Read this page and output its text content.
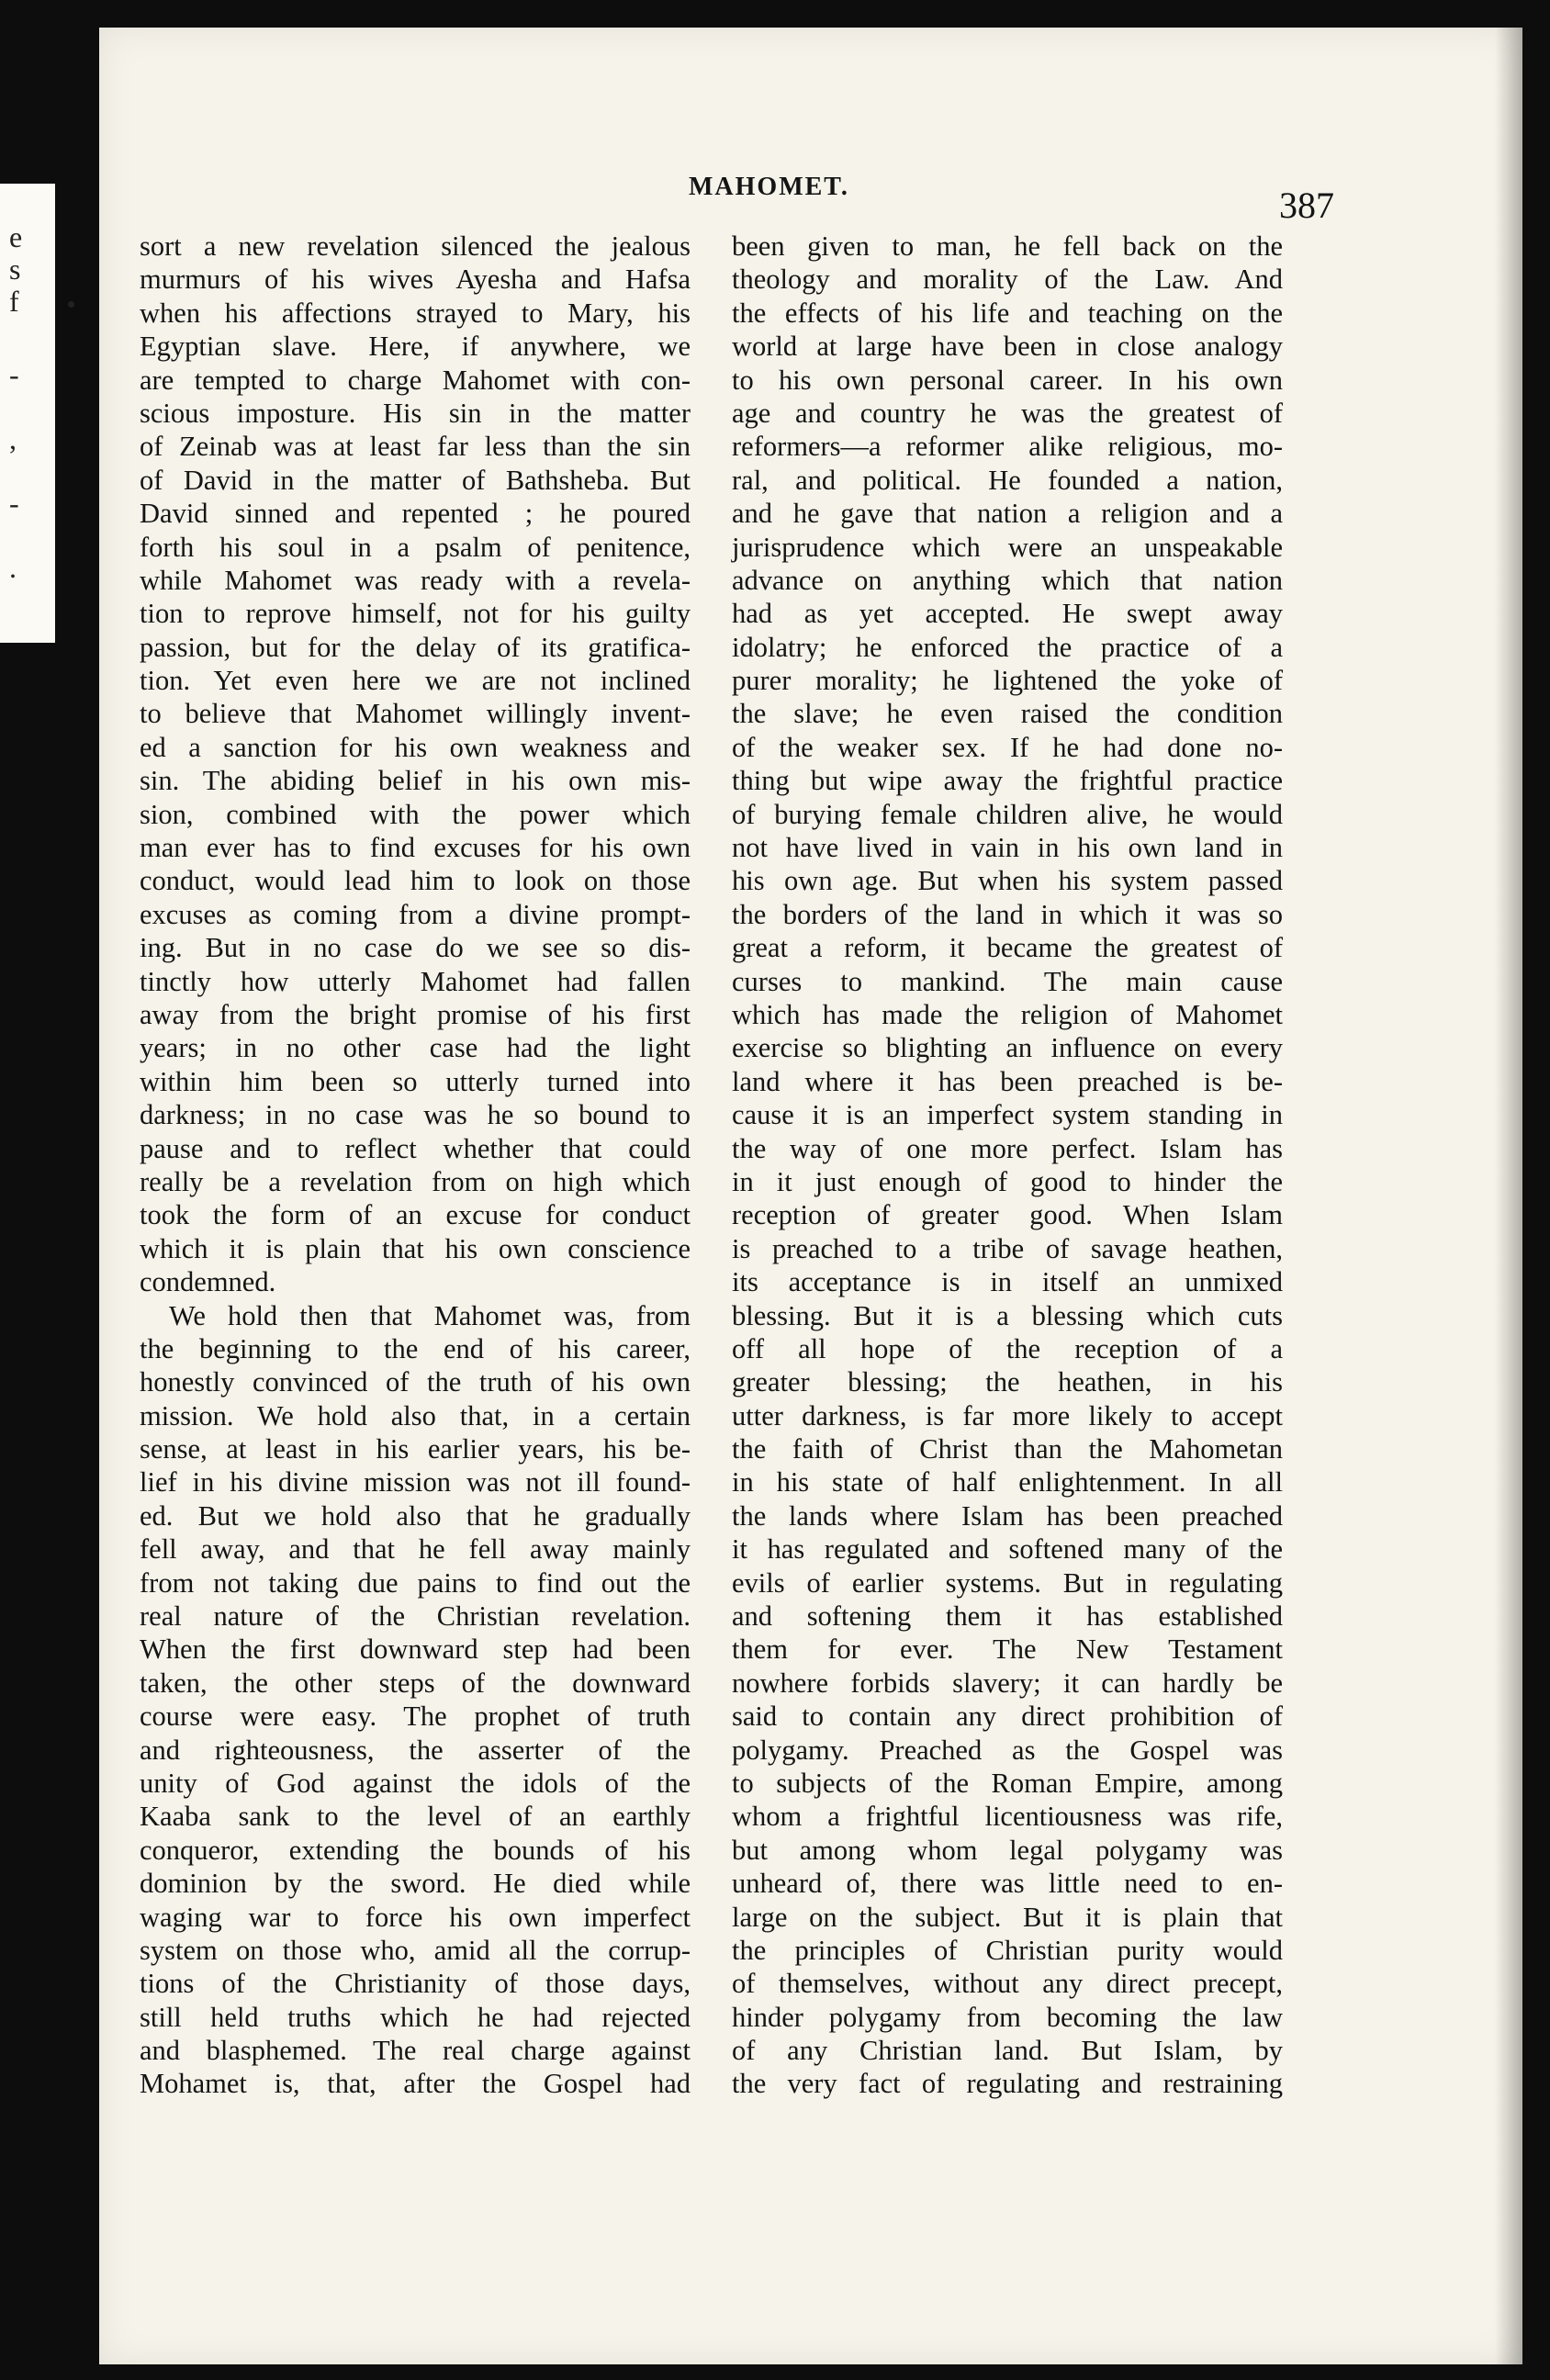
e
s
f
-
,
-
.
MAHOMET.	387
sort a new revelation silenced the jealous
murmurs of his wives Ayesha and Hafsa
when his affections strayed to Mary, his
Egyptian slave. Here, if anywhere, we
are tempted to charge Mahomet with con-
scious imposture. His sin in the matter
of Zeinab was at least far less than the sin
of David in the matter of Bathsheba. But
David sinned and repented ; he poured
forth his soul in a psalm of penitence,
while Mahomet was ready with a revela-
tion to reprove himself, not for his guilty
passion, but for the delay of its gratifica-
tion. Yet even here we are not inclined
to believe that Mahomet willingly invent-
ed a sanction for his own weakness and
sin. The abiding belief in his own mis-
sion, combined with the power which
man ever has to find excuses for his own
conduct, would lead him to look on those
excuses as coming from a divine prompt-
ing. But in no case do we see so dis-
tinctly how utterly Mahomet had fallen
away from the bright promise of his first
years; in no other case had the light
within him been so utterly turned into
darkness; in no case was he so bound to
pause and to reflect whether that could
really be a revelation from on high which
took the form of an excuse for conduct
which it is plain that his own conscience
condemned.
We hold then that Mahomet was, from
the beginning to the end of his career,
honestly convinced of the truth of his own
mission. We hold also that, in a certain
sense, at least in his earlier years, his be-
lief in his divine mission was not ill found-
ed. But we hold also that he gradually
fell away, and that he fell away mainly
from not taking due pains to find out the
real nature of the Christian revelation.
When the first downward step had been
taken, the other steps of the downward
course were easy. The prophet of truth
and righteousness, the asserter of the
unity of God against the idols of the
Kaaba sank to the level of an earthly
conqueror, extending the bounds of his
dominion by the sword. He died while
waging war to force his own imperfect
system on those who, amid all the corrup-
tions of the Christianity of those days,
still held truths which he had rejected
and blasphemed. The real charge against
Mohamet is, that, after the Gospel had
been given to man, he fell back on the
theology and morality of the Law. And
the effects of his life and teaching on the
world at large have been in close analogy
to his own personal career. In his own
age and country he was the greatest of
reformers—a reformer alike religious, mo-
ral, and political. He founded a nation,
and he gave that nation a religion and a
jurisprudence which were an unspeakable
advance on anything which that nation
had as yet accepted. He swept away
idolatry; he enforced the practice of a
purer morality; he lightened the yoke of
the slave; he even raised the condition
of the weaker sex. If he had done no-
thing but wipe away the frightful practice
of burying female children alive, he would
not have lived in vain in his own land in
his own age. But when his system passed
the borders of the land in which it was so
great a reform, it became the greatest of
curses to mankind. The main cause
which has made the religion of Mahomet
exercise so blighting an influence on every
land where it has been preached is be-
cause it is an imperfect system standing in
the way of one more perfect. Islam has
in it just enough of good to hinder the
reception of greater good. When Islam
is preached to a tribe of savage heathen,
its acceptance is in itself an unmixed
blessing. But it is a blessing which cuts
off all hope of the reception of a
greater blessing; the heathen, in his
utter darkness, is far more likely to accept
the faith of Christ than the Mahometan
in his state of half enlightenment. In all
the lands where Islam has been preached
it has regulated and softened many of the
evils of earlier systems. But in regulating
and softening them it has established
them for ever. The New Testament
nowhere forbids slavery; it can hardly be
said to contain any direct prohibition of
polygamy. Preached as the Gospel was
to subjects of the Roman Empire, among
whom a frightful licentiousness was rife,
but among whom legal polygamy was
unheard of, there was little need to en-
large on the subject. But it is plain that
the principles of Christian purity would
of themselves, without any direct precept,
hinder polygamy from becoming the law
of any Christian land. But Islam, by
the very fact of regulating and restraining
